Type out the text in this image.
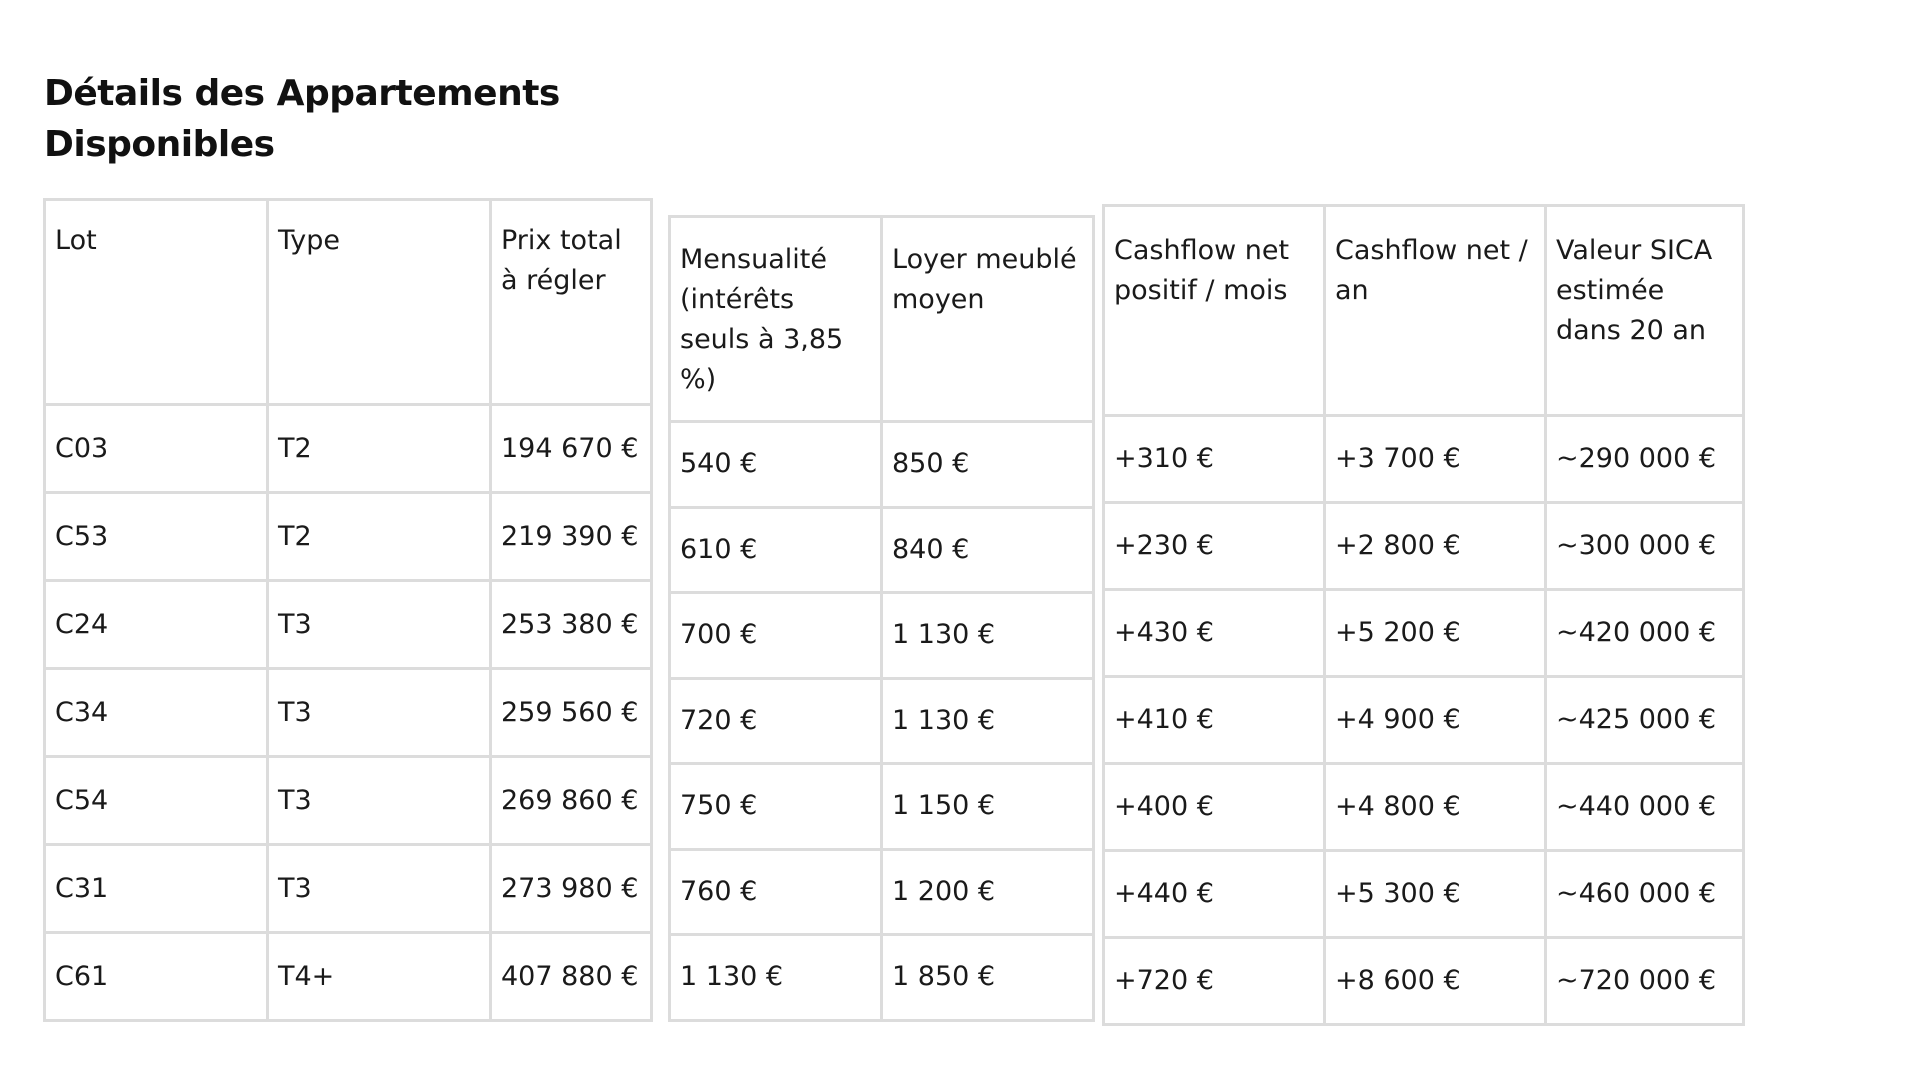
Détails des Appartements Disponibles
Lot	Type	Prix total à régler
C03	T2	194 670 €
C53	T2	219 390 €
C24	T3	253 380 €
C34	T3	259 560 €
C54	T3	269 860 €
C31	T3	273 980 €
C61	T4+	407 880 €
Mensualité (intérêts seuls à 3,85 %)	Loyer meublé moyen
540 €	850 €
610 €	840 €
700 €	1 130 €
720 €	1 130 €
750 €	1 150 €
760 €	1 200 €
1 130 €	1 850 €
Cashflow net positif / mois	Cashflow net / an	Valeur SICA estimée dans 20 an
+310 €	+3 700 €	~290 000 €
+230 €	+2 800 €	~300 000 €
+430 €	+5 200 €	~420 000 €
+410 €	+4 900 €	~425 000 €
+400 €	+4 800 €	~440 000 €
+440 €	+5 300 €	~460 000 €
+720 €	+8 600 €	~720 000 €
